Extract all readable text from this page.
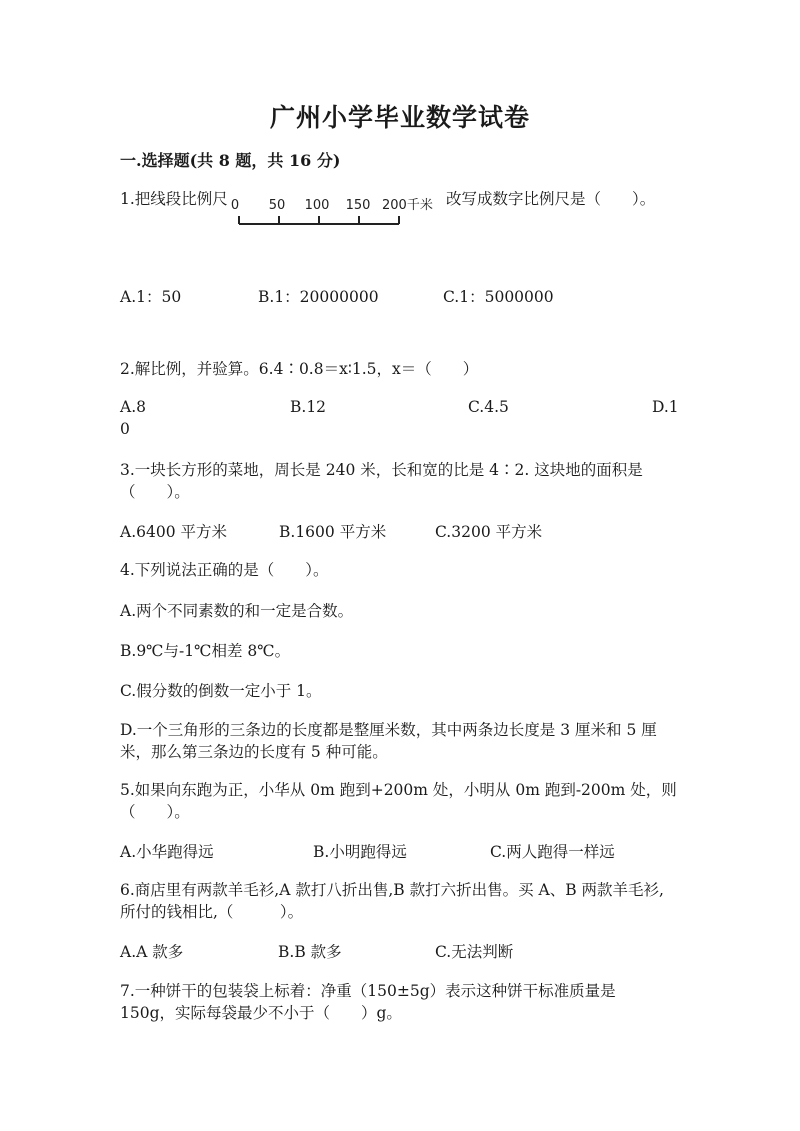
广州小学毕业数学试卷
一.选择题(共 8 题，共 16 分)
1.把线段比例尺 0 50 100 150 200千米 改写成数字比例尺是（　　）。
A.1：50	B.1：20000000	C.1：5000000
2.解比例，并验算。6.4∶0.8＝x∶1.5，x＝（　　）
A.8	B.12	C.4.5	D.1
0
3.一块长方形的菜地，周长是 240 米，长和宽的比是 4∶2. 这块地的面积是
（　　）。
A.6400 平方米	B.1600 平方米	C.3200 平方米
4.下列说法正确的是（　　）。
A.两个不同素数的和一定是合数。
B.9℃与-1℃相差 8℃。
C.假分数的倒数一定小于 1。
D.一个三角形的三条边的长度都是整厘米数，其中两条边长度是 3 厘米和 5 厘
米，那么第三条边的长度有 5 种可能。
5.如果向东跑为正，小华从 0m 跑到+200m 处，小明从 0m 跑到-200m 处，则
（　　）。
A.小华跑得远	B.小明跑得远	C.两人跑得一样远
6.商店里有两款羊毛衫,A 款打八折出售,B 款打六折出售。买 A、B 两款羊毛衫,
所付的钱相比,（　　　）。
A.A 款多	B.B 款多	C.无法判断
7.一种饼干的包装袋上标着：净重（150±5g）表示这种饼干标准质量是
150g，实际每袋最少不小于（　　）g。
